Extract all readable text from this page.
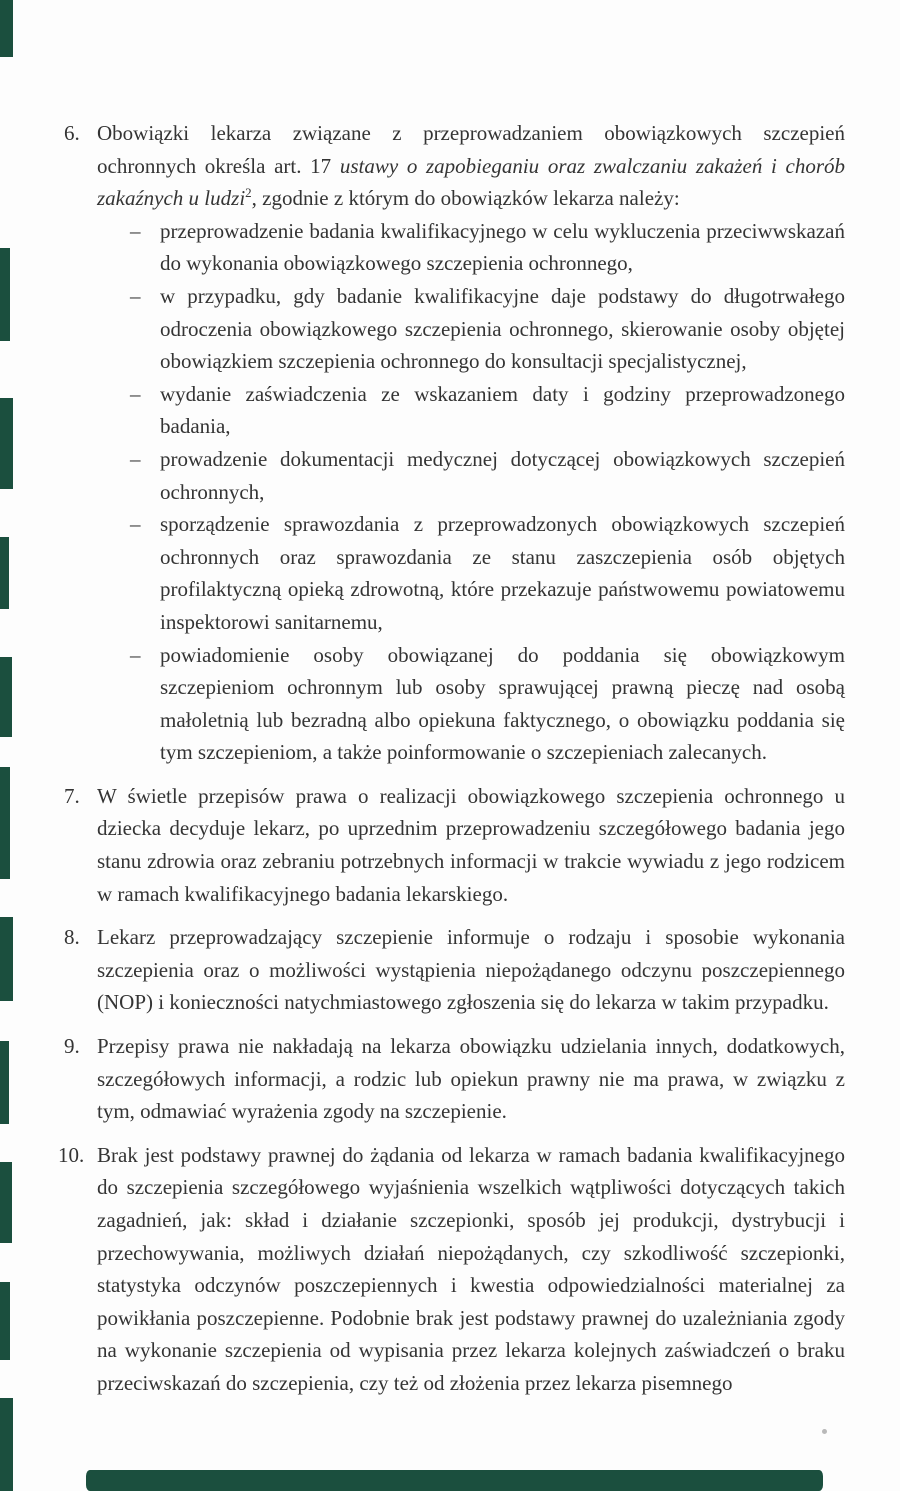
6. Obowiązki lekarza związane z przeprowadzaniem obowiązkowych szczepień ochronnych określa art. 17 ustawy o zapobieganiu oraz zwalczaniu zakażeń i chorób zakaźnych u ludzi$^2$, zgodnie z którym do obowiązków lekarza należy:

– przeprowadzenie badania kwalifikacyjnego w celu wykluczenia przeciwwskazań do wykonania obowiązkowego szczepienia ochronnego,
– w przypadku, gdy badanie kwalifikacyjne daje podstawy do długotrwałego odroczenia obowiązkowego szczepienia ochronnego, skierowanie osoby objętej obowiązkiem szczepienia ochronnego do konsultacji specjalistycznej,
– wydanie zaświadczenia ze wskazaniem daty i godziny przeprowadzonego badania,
– prowadzenie dokumentacji medycznej dotyczącej obowiązkowych szczepień ochronnych,
– sporządzenie sprawozdania z przeprowadzonych obowiązkowych szczepień ochronnych oraz sprawozdania ze stanu zaszczepienia osób objętych profilaktyczną opieką zdrowotną, które przekazuje państwowemu powiatowemu inspektorowi sanitarnemu,
– powiadomienie osoby obowiązanej do poddania się obowiązkowym szczepieniom ochronnym lub osoby sprawującej prawną pieczę nad osobą małoletnią lub bezradną albo opiekuna faktycznego, o obowiązku poddania się tym szczepieniom, a także poinformowanie o szczepieniach zalecanych.
7. W świetle przepisów prawa o realizacji obowiązkowego szczepienia ochronnego u dziecka decyduje lekarz, po uprzednim przeprowadzeniu szczegółowego badania jego stanu zdrowia oraz zebraniu potrzebnych informacji w trakcie wywiadu z jego rodzicem w ramach kwalifikacyjnego badania lekarskiego.

8. Lekarz przeprowadzający szczepienie informuje o rodzaju i sposobie wykonania szczepienia oraz o możliwości wystąpienia niepożądanego odczynu poszczepiennego (NOP) i konieczności natychmiastowego zgłoszenia się do lekarza w takim przypadku.

9. Przepisy prawa nie nakładają na lekarza obowiązku udzielania innych, dodatkowych, szczegółowych informacji, a rodzic lub opiekun prawny nie ma prawa, w związku z tym, odmawiać wyrażenia zgody na szczepienie.

10. Brak jest podstawy prawnej do żądania od lekarza w ramach badania kwalifikacyjnego do szczepienia szczegółowego wyjaśnienia wszelkich wątpliwości dotyczących takich zagadnień, jak: skład i działanie szczepionki, sposób jej produkcji, dystrybucji i przechowywania, możliwych działań niepożądanych, czy szkodliwość szczepionki, statystyka odczynów poszczepiennych i kwestia odpowiedzialności materialnej za powikłania poszczepienne. Podobnie brak jest podstawy prawnej do uzależniania zgody na wykonanie szczepienia od wypisania przez lekarza kolejnych zaświadczeń o braku przeciwskazań do szczepienia, czy też od złożenia przez lekarza pisemnego
